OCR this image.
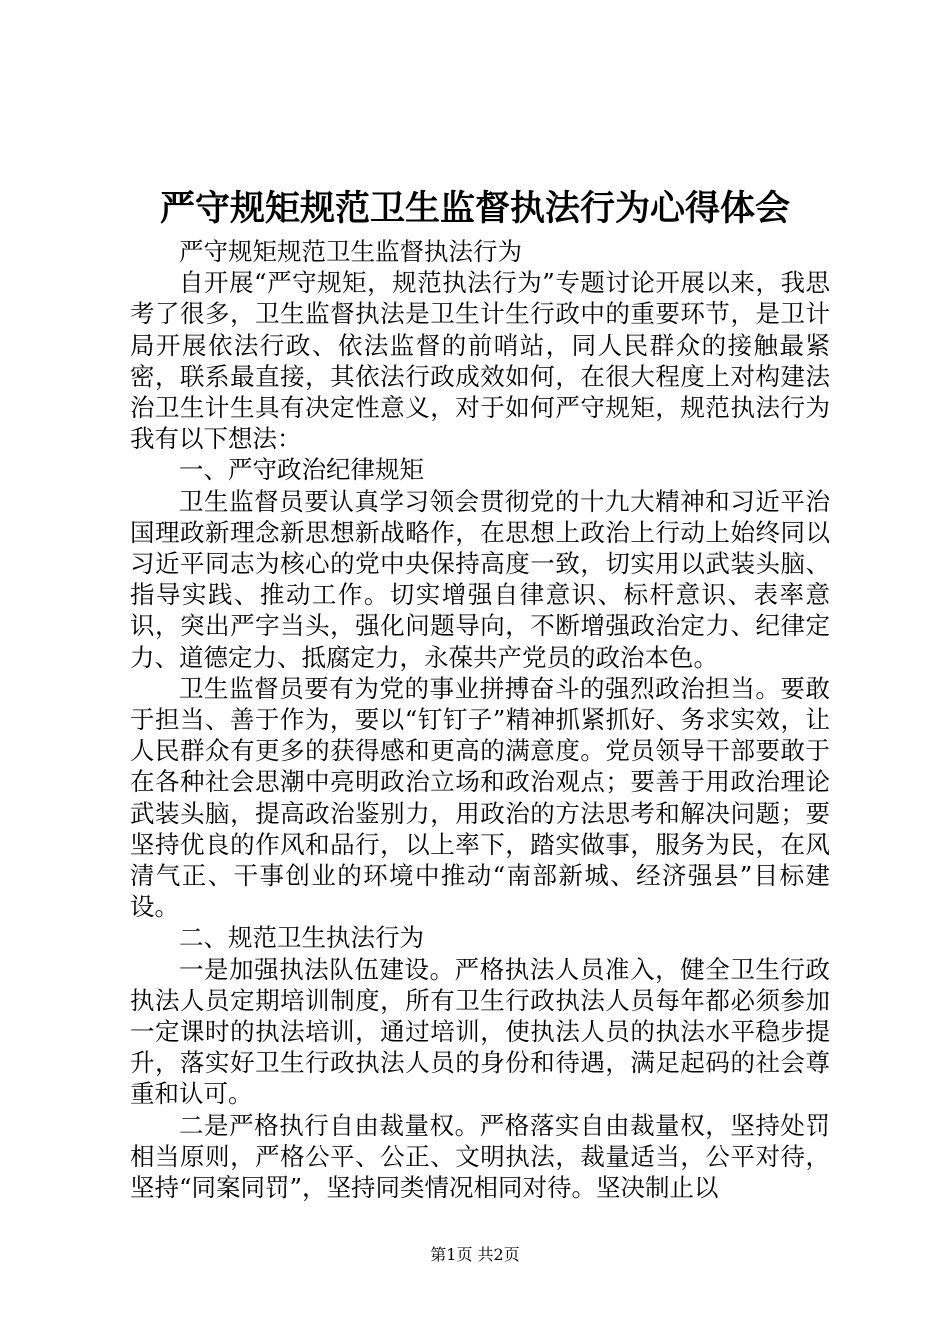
严守规矩规范卫生监督执法行为心得体会

严守规矩规范卫生监督执法行为

自开展“严守规矩，规范执法行为”专题讨论开展以来，我思考了很多，卫生监督执法是卫生计生行政中的重要环节，是卫计局开展依法行政、依法监督的前哨站，同人民群众的接触最紧密，联系最直接，其依法行政成效如何，在很大程度上对构建法治卫生计生具有决定性意义，对于如何严守规矩，规范执法行为我有以下想法：

一、严守政治纪律规矩

卫生监督员要认真学习领会贯彻党的十九大精神和习近平治国理政新理念新思想新战略作，在思想上政治上行动上始终同以习近平同志为核心的党中央保持高度一致，切实用以武装头脑、指导实践、推动工作。切实增强自律意识、标杆意识、表率意识，突出严字当头，强化问题导向，不断增强政治定力、纪律定力、道德定力、抵腐定力，永葆共产党员的政治本色。

卫生监督员要有为党的事业拼搏奋斗的强烈政治担当。要敢于担当、善于作为，要以“钉钉子”精神抓紧抓好、务求实效，让人民群众有更多的获得感和更高的满意度。党员领导干部要敢于在各种社会思潮中亮明政治立场和政治观点；要善于用政治理论武装头脑，提高政治鉴别力，用政治的方法思考和解决问题；要坚持优良的作风和品行，以上率下，踏实做事，服务为民，在风清气正、干事创业的环境中推动“南部新城、经济强县”目标建设。

二、规范卫生执法行为

一是加强执法队伍建设。严格执法人员准入，健全卫生行政执法人员定期培训制度，所有卫生行政执法人员每年都必须参加一定课时的执法培训，通过培训，使执法人员的执法水平稳步提升，落实好卫生行政执法人员的身份和待遇，满足起码的社会尊重和认可。

二是严格执行自由裁量权。严格落实自由裁量权，坚持处罚相当原则，严格公平、公正、文明执法，裁量适当，公平对待，坚持“同案同罚”，坚持同类情况相同对待。坚决制止以

第1页 共2页
